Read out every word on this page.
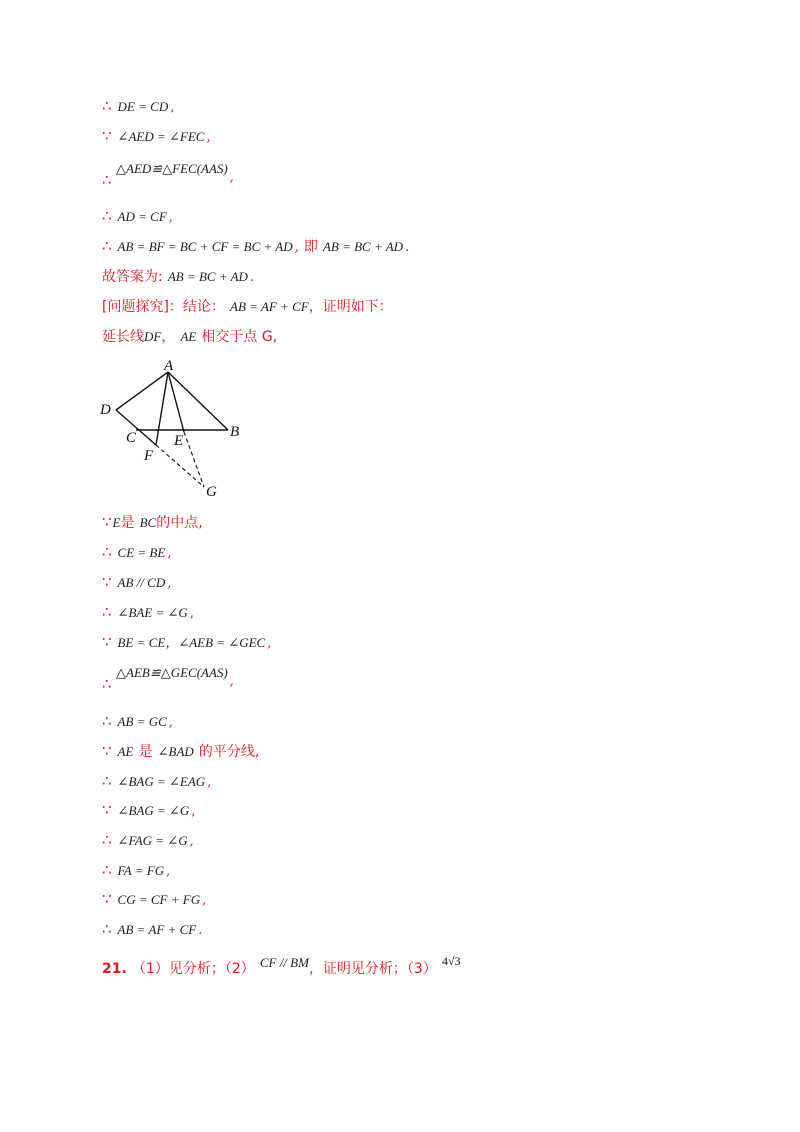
∴ DE = CD ,
∵ ∠AED = ∠FEC ,
$\triangle AED≌\triangle FEC(AAS)_,$
∴
∴ AD = CF ,
∴ AB = BF = BC + CF = BC + AD , 即 AB = BC + AD .
故答案为: AB = BC + AD .
[问题探究]：结论： AB = AF + CF，证明如下：
延长线DF， AE 相交于点 G,
A
D
C	E
B
F
G
∵E是 BC的中点,
∴ CE = BE ,
∵ AB // CD ,
∴ ∠BAE = ∠G ,
∵ BE = CE，∠AEB = ∠GEC ,
$\triangle AEB≌\triangle GEC(AAS)_,$
∴
∴ AB = GC ,
∵ AE 是 ∠BAD 的平分线,
∴ ∠BAG = ∠EAG ,
∵ ∠BAG = ∠G ,
∴ ∠FAG = ∠G ,
∴ FA = FG ,
∵ CG = CF + FG ,
∴ AB = AF + CF .
21. （1）见分析；（2） $^{CF // BM}$，证明见分析；（3） $^{4√3}$
